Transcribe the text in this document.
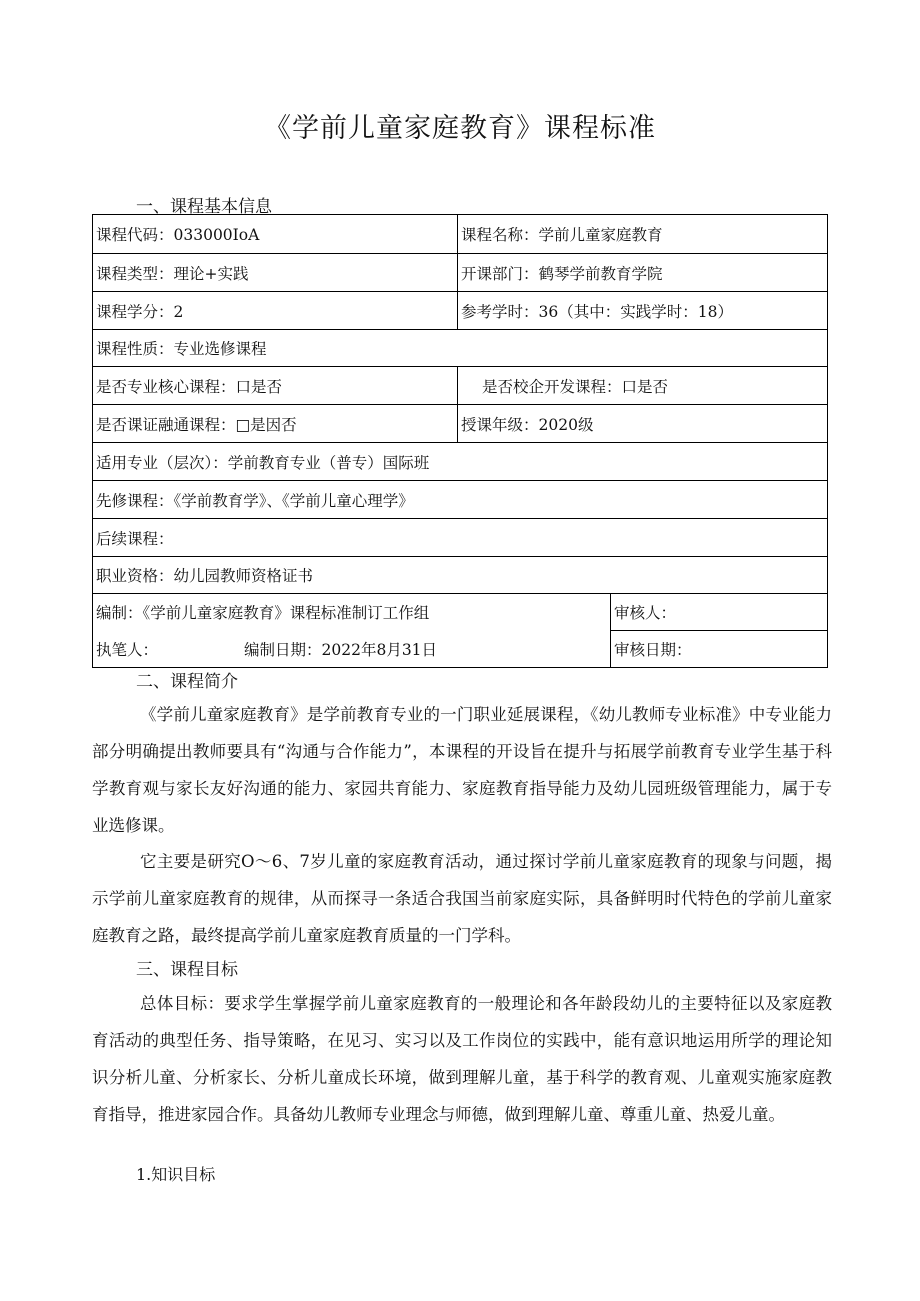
《学前儿童家庭教育》课程标准
一、课程基本信息
课程代码：033000IoA	课程名称：学前儿童家庭教育	
课程类型：理论+实践	开课部门：鹤琴学前教育学院	
课程学分：2	参考学时：36（其中：实践学时：18）	
课程性质：专业选修课程		
是否专业核心课程：口是否	是否校企开发课程：口是否	
是否课证融通课程：□是因否	授课年级：2020级	
适用专业（层次）：学前教育专业（普专）国际班		
先修课程：《学前教育学》、《学前儿童心理学》		
后续课程：		
职业资格：幼儿园教师资格证书		
编制：《学前儿童家庭教育》课程标准制订工作组		审核人：
执笔人： 编制日期：2022年8月31日		审核日期：
二、课程简介
《学前儿童家庭教育》是学前教育专业的一门职业延展课程，《幼儿教师专业标准》中专业能力部分明确提出教师要具有“沟通与合作能力”，本课程的开设旨在提升与拓展学前教育专业学生基于科学教育观与家长友好沟通的能力、家园共育能力、家庭教育指导能力及幼儿园班级管理能力，属于专业选修课。
它主要是研究O〜6、7岁儿童的家庭教育活动，通过探讨学前儿童家庭教育的现象与问题，揭示学前儿童家庭教育的规律，从而探寻一条适合我国当前家庭实际，具备鲜明时代特色的学前儿童家庭教育之路，最终提高学前儿童家庭教育质量的一门学科。
三、课程目标
总体目标：要求学生掌握学前儿童家庭教育的一般理论和各年龄段幼儿的主要特征以及家庭教育活动的典型任务、指导策略，在见习、实习以及工作岗位的实践中，能有意识地运用所学的理论知识分析儿童、分析家长、分析儿童成长环境，做到理解儿童，基于科学的教育观、儿童观实施家庭教育指导，推进家园合作。具备幼儿教师专业理念与师德，做到理解儿童、尊重儿童、热爱儿童。
1.知识目标
